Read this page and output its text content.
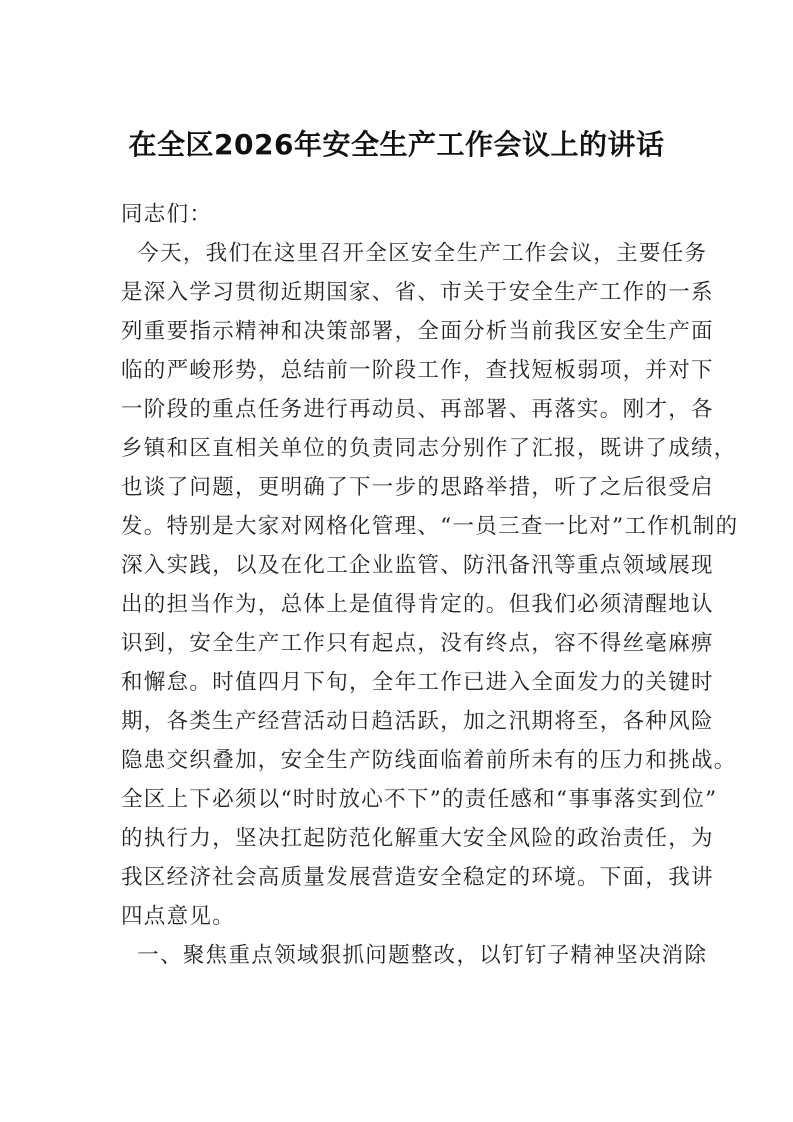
在全区2026年安全生产工作会议上的讲话
同志们：
今天，我们在这里召开全区安全生产工作会议，主要任务
是深入学习贯彻近期国家、省、市关于安全生产工作的一系
列重要指示精神和决策部署，全面分析当前我区安全生产面
临的严峻形势，总结前一阶段工作，查找短板弱项，并对下
一阶段的重点任务进行再动员、再部署、再落实。刚才，各
乡镇和区直相关单位的负责同志分别作了汇报，既讲了成绩，
也谈了问题，更明确了下一步的思路举措，听了之后很受启
发。特别是大家对网格化管理、“一员三查一比对”工作机制的
深入实践，以及在化工企业监管、防汛备汛等重点领域展现
出的担当作为，总体上是值得肯定的。但我们必须清醒地认
识到，安全生产工作只有起点，没有终点，容不得丝毫麻痹
和懈怠。时值四月下旬，全年工作已进入全面发力的关键时
期，各类生产经营活动日趋活跃，加之汛期将至，各种风险
隐患交织叠加，安全生产防线面临着前所未有的压力和挑战。
全区上下必须以“时时放心不下”的责任感和“事事落实到位”
的执行力，坚决扛起防范化解重大安全风险的政治责任，为
我区经济社会高质量发展营造安全稳定的环境。下面，我讲
四点意见。
一、聚焦重点领域狠抓问题整改，以钉钉子精神坚决消除
